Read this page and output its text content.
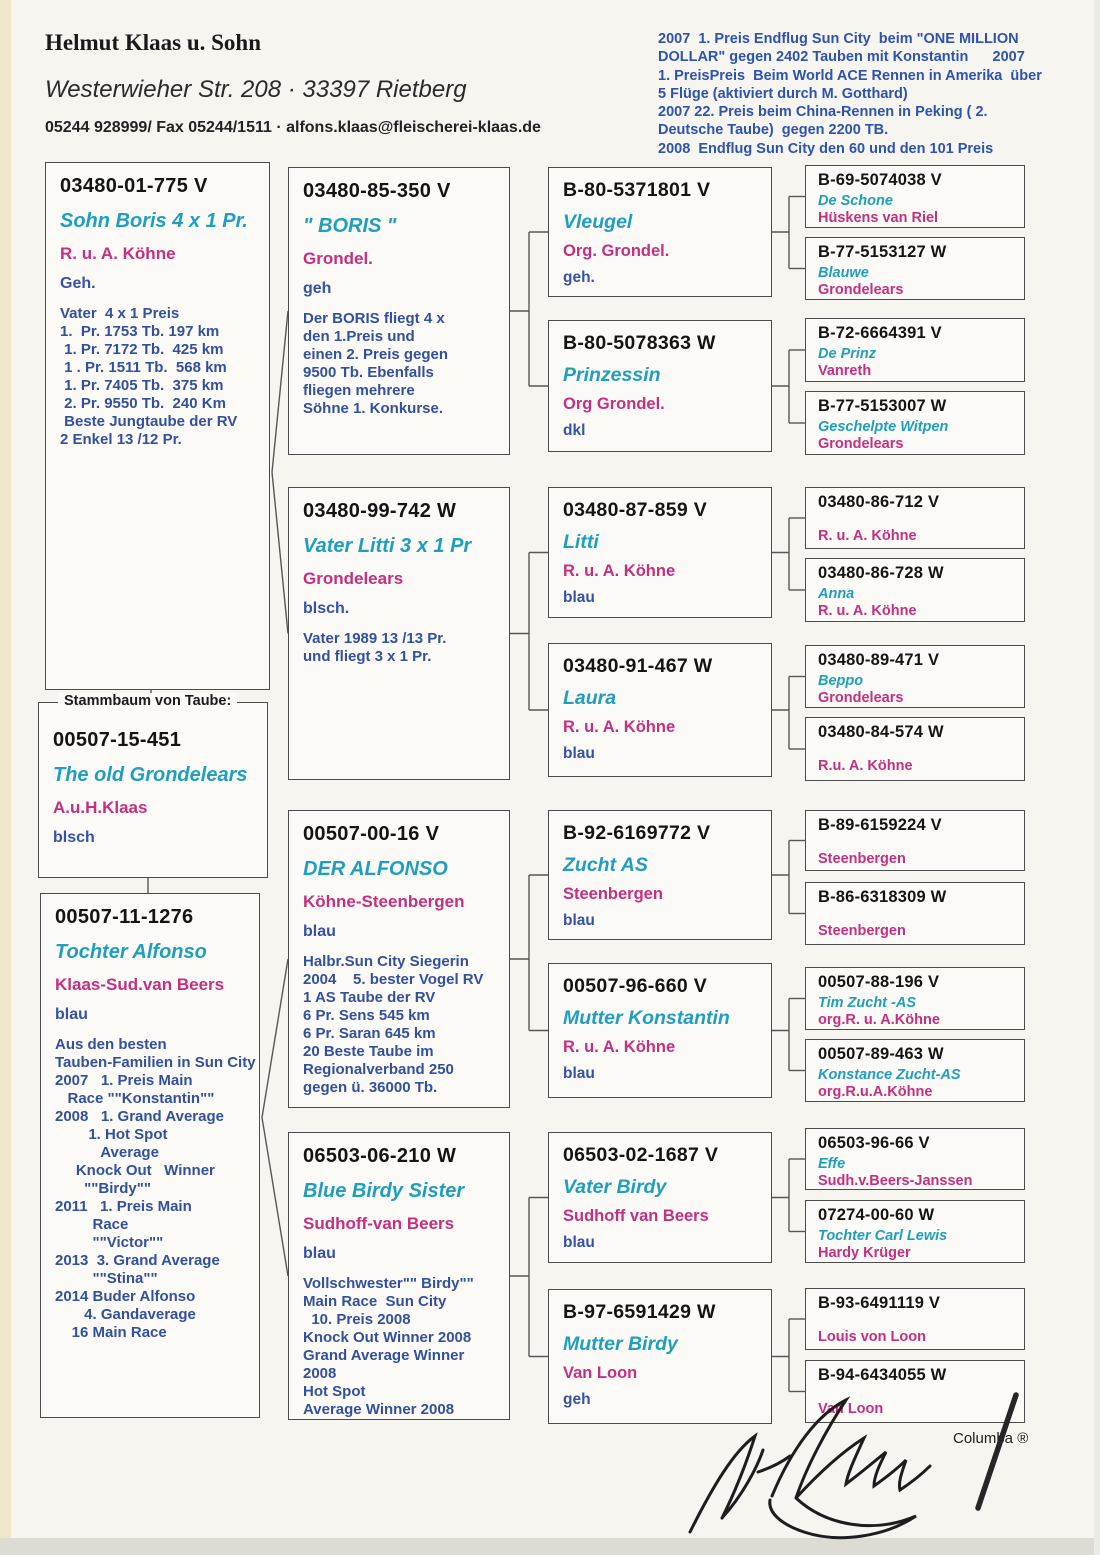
Helmut Klaas u. Sohn
Westerwieher Str. 208 · 33397 Rietberg
05244 928999/ Fax 05244/1511 · alfons.klaas@fleischerei-klaas.de
2007  1. Preis Endflug Sun City  beim "ONE MILLION
DOLLAR" gegen 2402 Tauben mit Konstantin      2007
1. PreisPreis  Beim World ACE Rennen in Amerika  über
5 Flüge (aktiviert durch M. Gotthard)
2007 22. Preis beim China-Rennen in Peking ( 2.
Deutsche Taube)  gegen 2200 TB.
2008  Endflug Sun City den 60 und den 101 Preis
03480-01-775 V
Sohn Boris 4 x 1 Pr.
R. u. A. Köhne
Geh.
Vater  4 x 1 Preis
1.  Pr. 1753 Tb. 197 km
1. Pr. 7172 Tb.  425 km
1 . Pr. 1511 Tb.  568 km
1. Pr. 7405 Tb.  375 km
2. Pr. 9550 Tb.  240 Km
Beste Jungtaube der RV
2 Enkel 13 /12 Pr.
00507-15-451
The old Grondelears
A.u.H.Klaas
blsch
00507-11-1276
Tochter Alfonso
Klaas-Sud.van Beers
blau
Aus den besten
Tauben-Familien in Sun City
2007   1. Preis Main
Race ""Konstantin""
2008   1. Grand Average
1. Hot Spot
Average
Knock Out   Winner
""Birdy""
2011   1. Preis Main
Race
""Victor""
2013  3. Grand Average
""Stina""
2014 Buder Alfonso
4. Gandaverage
16 Main Race
03480-85-350 V
" BORIS "
Grondel.
geh
Der BORIS fliegt 4 x
den 1.Preis und
einen 2. Preis gegen
9500 Tb. Ebenfalls
fliegen mehrere
Söhne 1. Konkurse.
03480-99-742 W
Vater Litti 3 x 1 Pr
Grondelears
blsch.
Vater 1989 13 /13 Pr.
und fliegt 3 x 1 Pr.
00507-00-16 V
DER ALFONSO
Köhne-Steenbergen
blau
Halbr.Sun City Siegerin
2004    5. bester Vogel RV
1 AS Taube der RV
6 Pr. Sens 545 km
6 Pr. Saran 645 km
20 Beste Taube im
Regionalverband 250
gegen ü. 36000 Tb.
06503-06-210 W
Blue Birdy Sister
Sudhoff-van Beers
blau
Vollschwester"" Birdy""
Main Race  Sun City
10. Preis 2008
Knock Out Winner 2008
Grand Average Winner
2008
Hot Spot
Average Winner 2008
B-80-5371801 V
Vleugel
Org. Grondel.
geh.
B-80-5078363 W
Prinzessin
Org Grondel.
dkl
03480-87-859 V
Litti
R. u. A. Köhne
blau
03480-91-467 W
Laura
R. u. A. Köhne
blau
B-92-6169772 V
Zucht AS
Steenbergen
blau
00507-96-660 V
Mutter Konstantin
R. u. A. Köhne
blau
06503-02-1687 V
Vater Birdy
Sudhoff van Beers
blau
B-97-6591429 W
Mutter Birdy
Van Loon
geh
B-69-5074038 V
De Schone
Hüskens van Riel
B-77-5153127 W
Blauwe
Grondelears
B-72-6664391 V
De Prinz
Vanreth
B-77-5153007 W
Geschelpte Witpen
Grondelears
03480-86-712 V
R. u. A. Köhne
03480-86-728 W
Anna
R. u. A. Köhne
03480-89-471 V
Beppo
Grondelears
03480-84-574 W
R.u. A. Köhne
B-89-6159224 V
Steenbergen
B-86-6318309 W
Steenbergen
00507-88-196 V
Tim Zucht -AS
org.R. u. A.Köhne
00507-89-463 W
Konstance Zucht-AS
org.R.u.A.Köhne
06503-96-66 V
Effe
Sudh.v.Beers-Janssen
07274-00-60 W
Tochter Carl Lewis
Hardy Krüger
B-93-6491119 V
Louis von Loon
B-94-6434055 W
Van Loon
Stammbaum von Taube:
Columba ®
